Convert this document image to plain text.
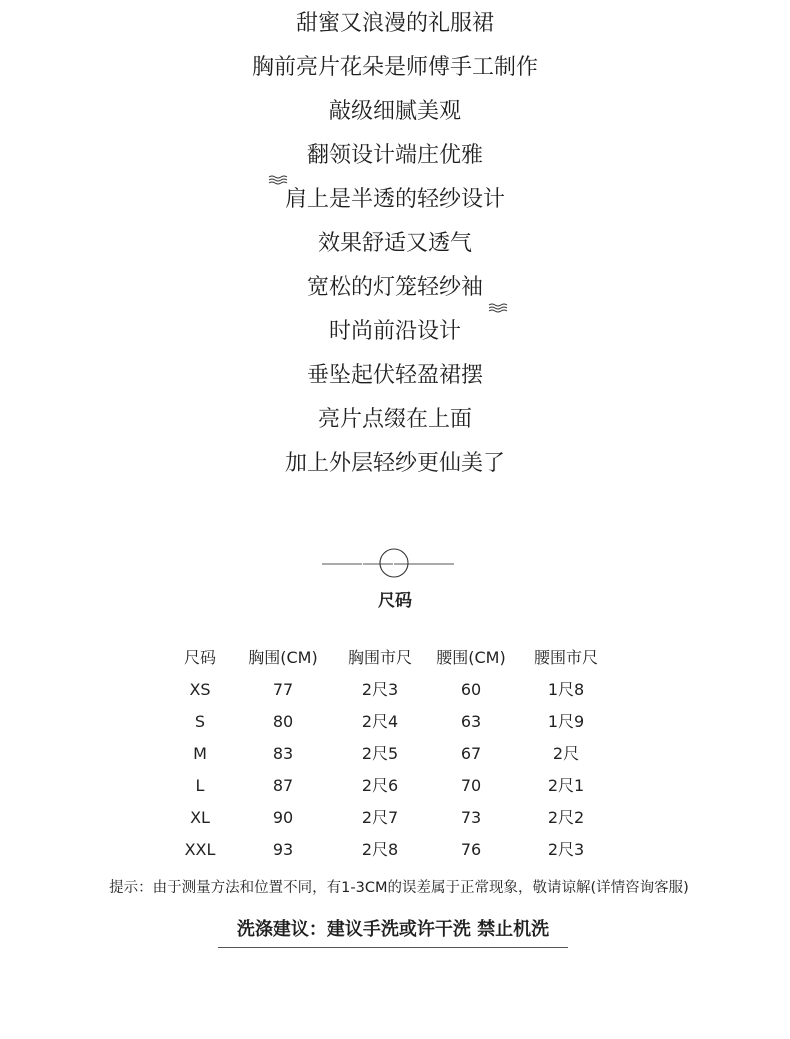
甜蜜又浪漫的礼服裙
胸前亮片花朵是师傅手工制作
敲级细腻美观
翻领设计端庄优雅
肩上是半透的轻纱设计
效果舒适又透气
宽松的灯笼轻纱袖
时尚前沿设计
垂坠起伏轻盈裙摆
亮片点缀在上面
加上外层轻纱更仙美了
尺码
尺码	胸围(CM)	胸围市尺	腰围(CM)	腰围市尺
XS	77	2尺3	60	1尺8
S	80	2尺4	63	1尺9
M	83	2尺5	67	2尺
L	87	2尺6	70	2尺1
XL	90	2尺7	73	2尺2
XXL	93	2尺8	76	2尺3
提示：由于测量方法和位置不同，有1-3CM的误差属于正常现象，敬请谅解(详情咨询客服)
洗涤建议：建议手洗或许干洗 禁止机洗
